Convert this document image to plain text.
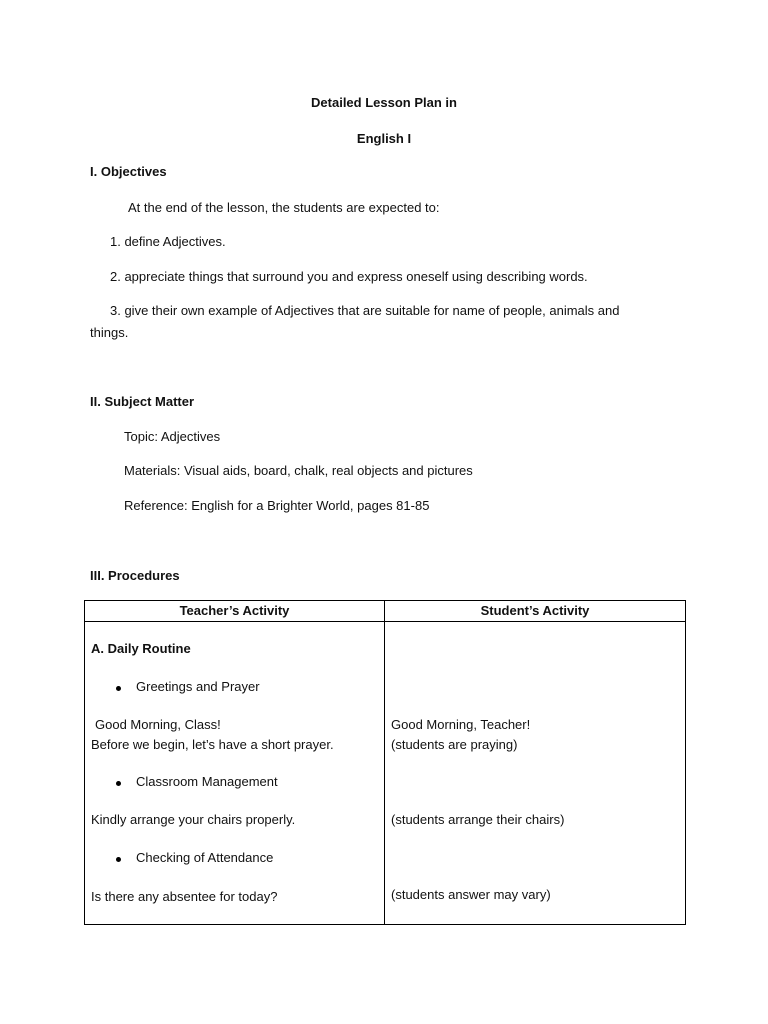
Detailed Lesson Plan in
English I
I. Objectives
At the end of the lesson, the students are expected to:
1. define Adjectives.
2. appreciate things that surround you and express oneself using describing words.
3. give their own example of Adjectives that are suitable for name of people, animals and
things.
II. Subject Matter
Topic: Adjectives
Materials: Visual aids, board, chalk, real objects and pictures
Reference: English for a Brighter World, pages 81-85
III. Procedures
Teacher’s Activity	Student’s Activity
A. Daily Routine
Greetings and Prayer
Good Morning, Class!
Before we begin, let’s have a short prayer.
Classroom Management
Kindly arrange your chairs properly.
Checking of Attendance
Is there any absentee for today?
Good Morning, Teacher!
(students are praying)
(students arrange their chairs)
(students answer may vary)
